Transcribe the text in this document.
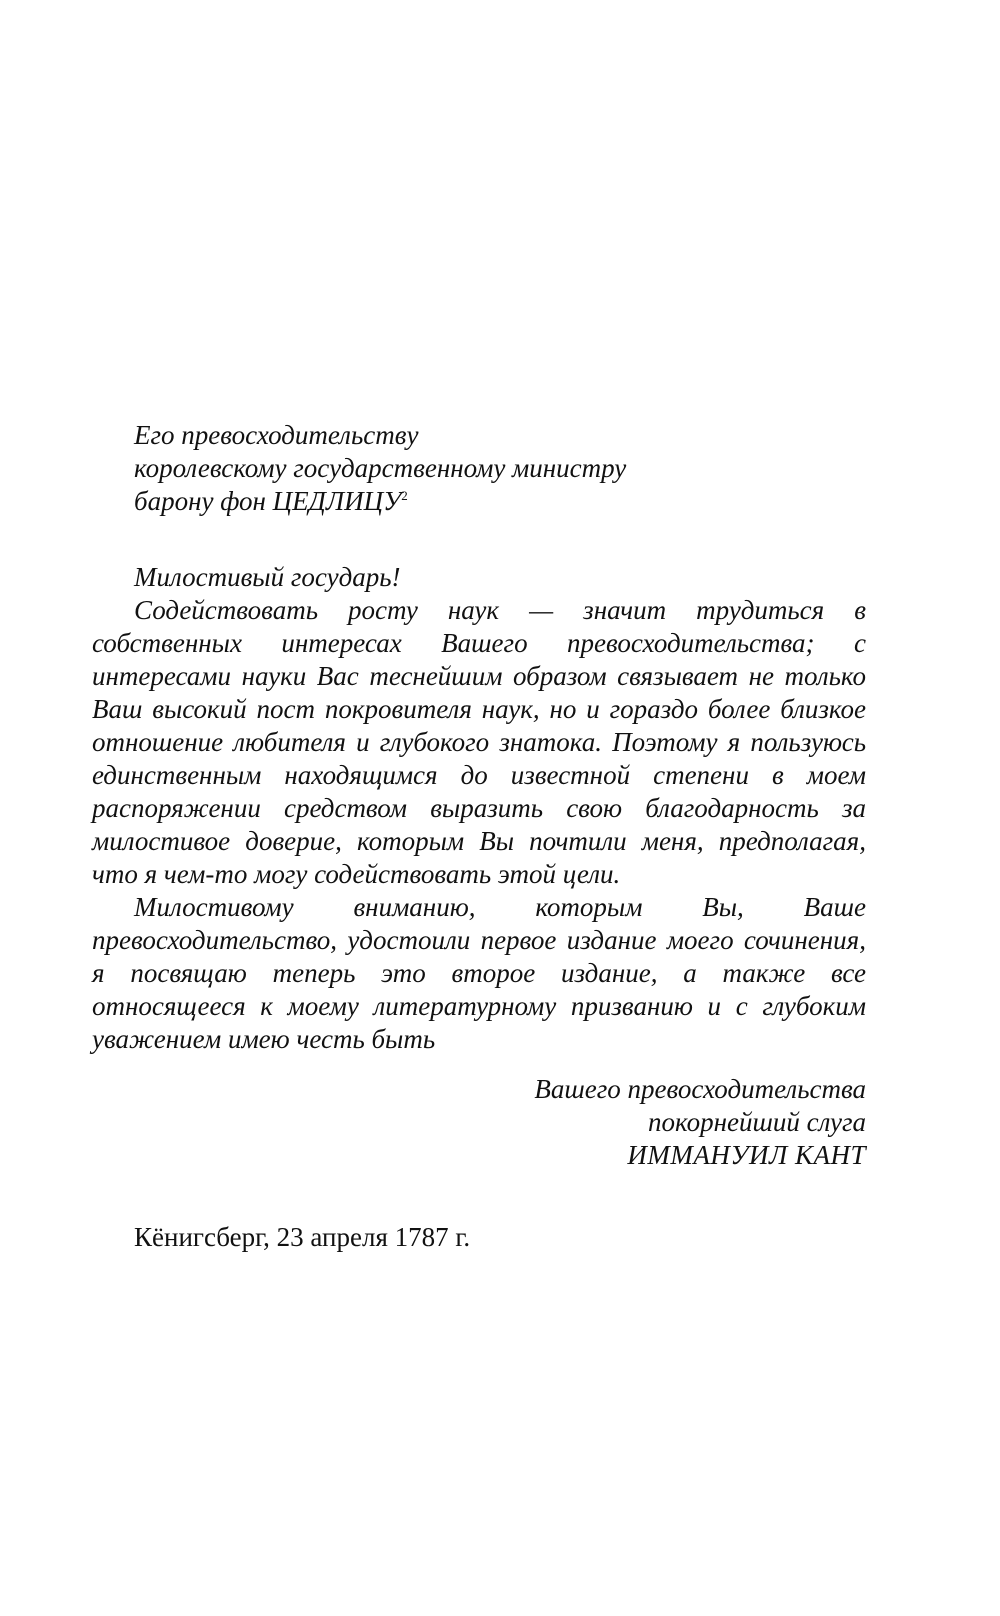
Его превосходительству
королевскому государственному министру
барону фон ЦЕДЛИЦУ$^2$
Милостивый государь!

Содействовать росту наук — значит трудиться в собственных интересах Вашего превосходительства; с интересами науки Вас теснейшим образом связывает не только Ваш высокий пост покровителя наук, но и гораздо более близкое отношение любителя и глубокого знатока. Поэтому я пользуюсь единственным находящимся до известной степени в моем распоряжении средством выразить свою благодарность за милостивое доверие, которым Вы почтили меня, предполагая, что я чем-то могу содействовать этой цели.

Милостивому вниманию, которым Вы, Ваше превосходительство, удостоили первое издание моего сочинения, я посвящаю теперь это второе издание, а также все относящееся к моему литературному призванию и с глубоким уважением имею честь быть

Вашего превосходительства
покорнейший слуга
ИММАНУИЛ КАНТ
Кёнигсберг, 23 апреля 1787 г.
